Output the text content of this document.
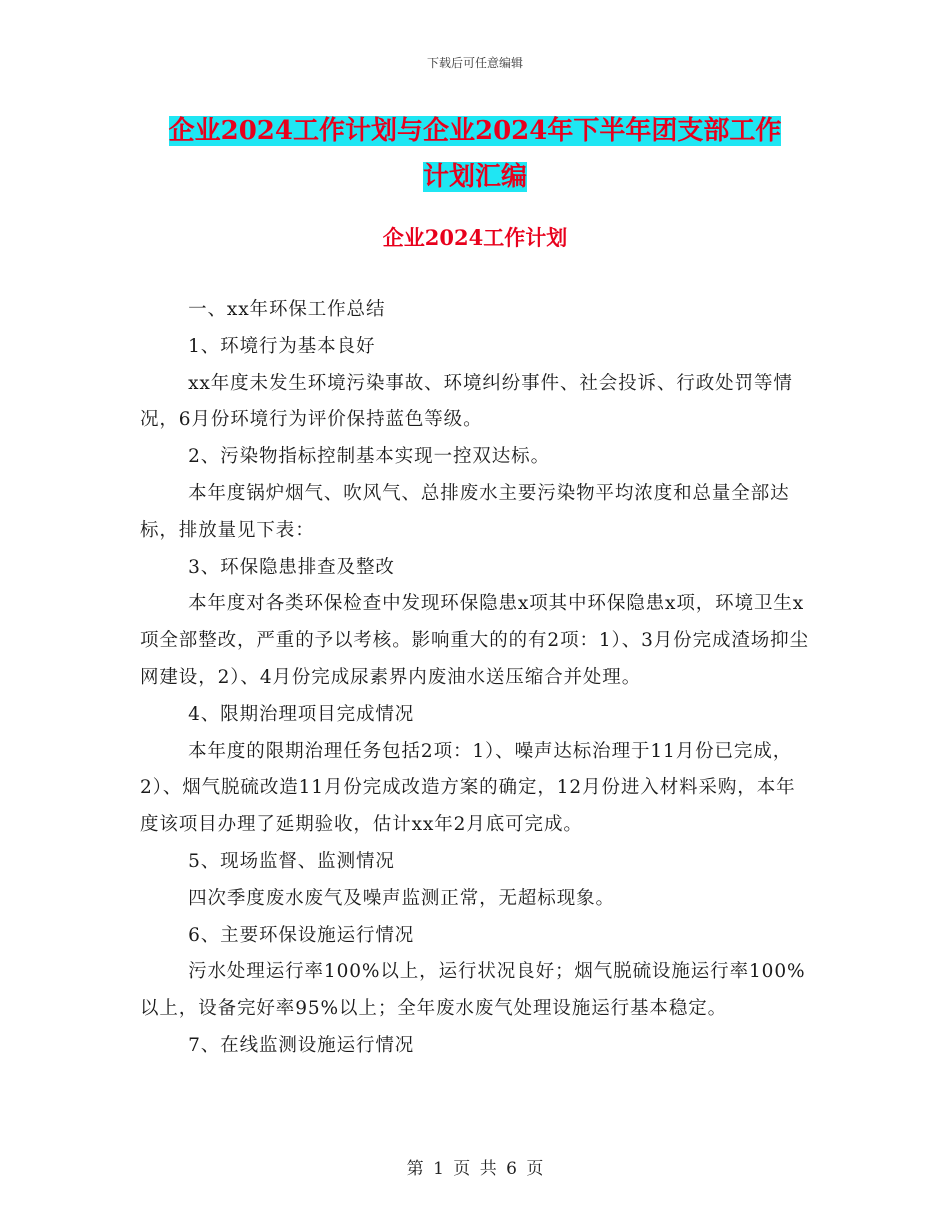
下载后可任意编辑
企业2024工作计划与企业2024年下半年团支部工作
计划汇编
企业2024工作计划

一、xx年环保工作总结

1、环境行为基本良好

xx年度未发生环境污染事故、环境纠纷事件、社会投诉、行政处罚等情况，6月份环境行为评价保持蓝色等级。

2、污染物指标控制基本实现一控双达标。

本年度锅炉烟气、吹风气、总排废水主要污染物平均浓度和总量全部达标，排放量见下表：

3、环保隐患排查及整改

本年度对各类环保检查中发现环保隐患x项其中环保隐患x项，环境卫生x项全部整改，严重的予以考核。影响重大的的有2项：1）、3月份完成渣场抑尘网建设，2）、4月份完成尿素界内废油水送压缩合并处理。

4、限期治理项目完成情况

本年度的限期治理任务包括2项：1）、噪声达标治理于11月份已完成，2）、烟气脱硫改造11月份完成改造方案的确定，12月份进入材料采购，本年度该项目办理了延期验收，估计xx年2月底可完成。

5、现场监督、监测情况

四次季度废水废气及噪声监测正常，无超标现象。

6、主要环保设施运行情况

污水处理运行率100%以上，运行状况良好；烟气脱硫设施运行率100%以上，设备完好率95%以上；全年废水废气处理设施运行基本稳定。

7、在线监测设施运行情况

第 1 页 共 6 页
